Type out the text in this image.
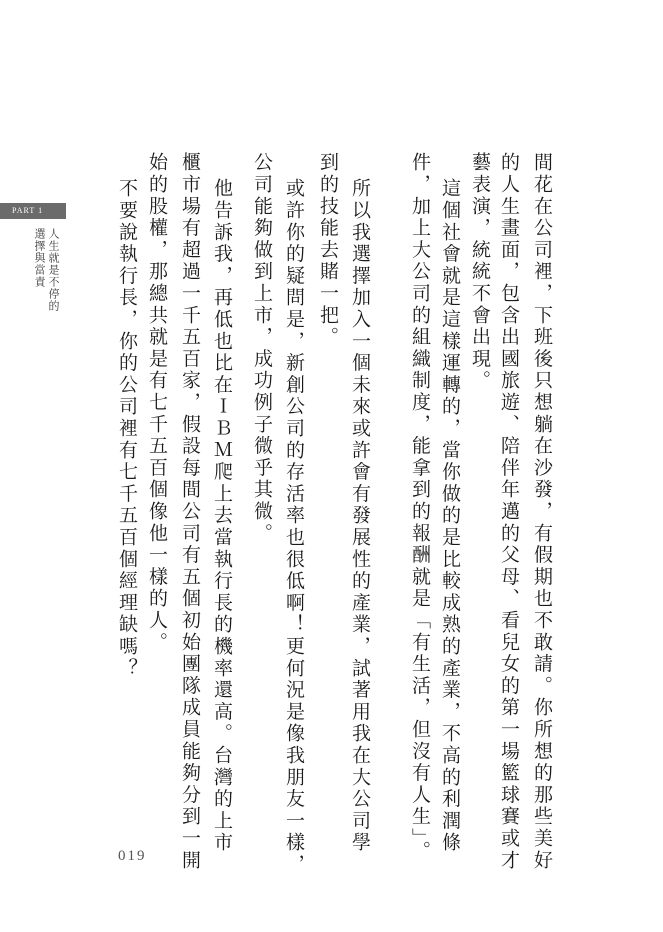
PART 1
人生就是不停的
選擇與當責	間花在公司裡，下班後只想躺在沙發，有假期也不敢請。你所想的那些美好
的人生畫面，包含出國旅遊、陪伴年邁的父母、看兒女的第一場籃球賽或才
藝表演，統統不會出現。
這個社會就是這樣運轉的，當你做的是比較成熟的產業，不高的利潤條
件，加上大公司的組織制度，能拿到的報酬就是「有生活，但沒有人生」。
所以我選擇加入一個未來或許會有發展性的產業，試著用我在大公司學
到的技能去賭一把。
或許你的疑問是，新創公司的存活率也很低啊！更何況是像我朋友一樣，
公司能夠做到上市，成功例子微乎其微。
他告訴我，再低也比在ＩＢＭ爬上去當執行長的機率還高。台灣的上市
櫃市場有超過一千五百家，假設每間公司有五個初始團隊成員能夠分到一開
始的股權，那總共就是有七千五百個像他一樣的人。
不要說執行長，你的公司裡有七千五百個經理缺嗎？
019
